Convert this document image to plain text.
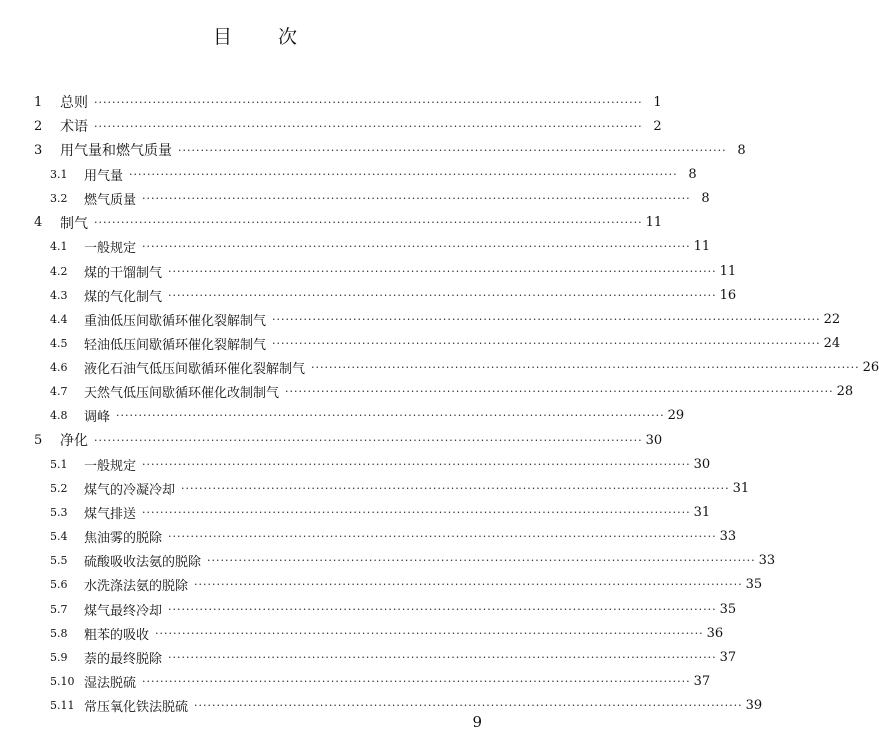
目 次
1	总则 ·························································································································· 1
2	术语 ·························································································································· 2
3	用气量和燃气质量 ·························································································································· 8
3.1	用气量 ·························································································································· 8
3.2	燃气质量 ·························································································································· 8
4	制气 ·························································································································· 11
4.1	一般规定 ·························································································································· 11
4.2	煤的干馏制气 ·························································································································· 11
4.3	煤的气化制气 ·························································································································· 16
4.4	重油低压间歇循环催化裂解制气 ·························································································································· 22
4.5	轻油低压间歇循环催化裂解制气 ·························································································································· 24
4.6	液化石油气低压间歇循环催化裂解制气 ·························································································································· 26
4.7	天然气低压间歇循环催化改制制气 ·························································································································· 28
4.8	调峰 ·························································································································· 29
5	净化 ·························································································································· 30
5.1	一般规定 ·························································································································· 30
5.2	煤气的冷凝冷却 ·························································································································· 31
5.3	煤气排送 ·························································································································· 31
5.4	焦油雾的脱除 ·························································································································· 33
5.5	硫酸吸收法氨的脱除 ·························································································································· 33
5.6	水洗涤法氨的脱除 ·························································································································· 35
5.7	煤气最终冷却 ·························································································································· 35
5.8	粗苯的吸收 ·························································································································· 36
5.9	萘的最终脱除 ·························································································································· 37
5.10 湿法脱硫 ·························································································································· 37
5.11 常压氧化铁法脱硫 ·························································································································· 39
9
